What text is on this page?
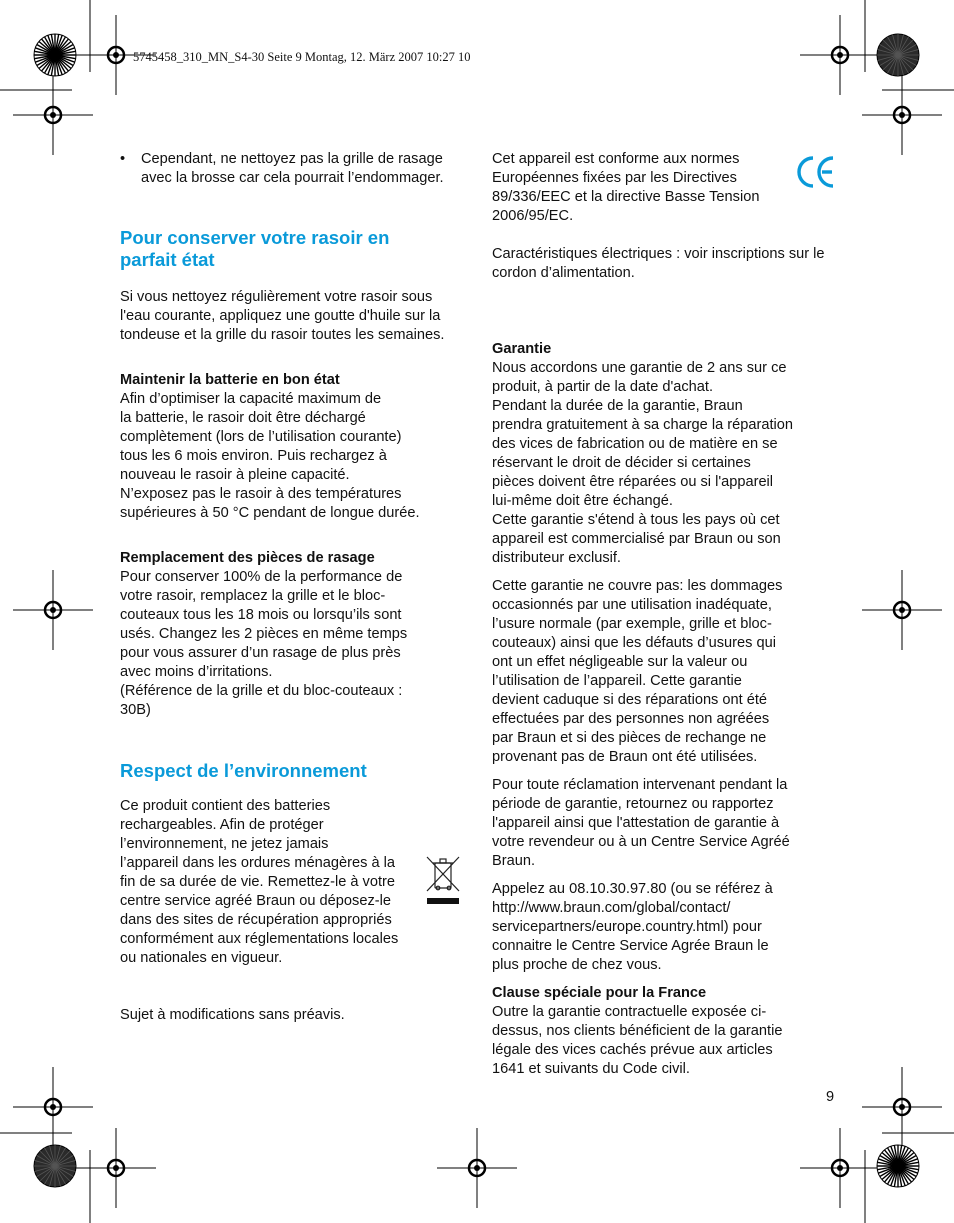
5745458_310_MN_S4-30 Seite 9 Montag, 12. März 2007 10:27 10
•	Cependant, ne nettoyez pas la grille de rasage avec la brosse car cela pourrait l’endommager.

Pour conserver votre rasoir en
parfait état

Si vous nettoyez régulièrement votre rasoir sous l'eau courante, appliquez une goutte d'huile sur la tondeuse et la grille du rasoir toutes les semaines.

Maintenir la batterie en bon état

Afin d’optimiser la capacité maximum de
la batterie, le rasoir doit être déchargé
complètement (lors de l’utilisation courante)
tous les 6 mois environ. Puis rechargez à
nouveau le rasoir à pleine capacité.
N’exposez pas le rasoir à des températures
supérieures à 50 °C pendant de longue durée.

Remplacement des pièces de rasage

Pour conserver 100% de la performance de
votre rasoir, remplacez la grille et le bloc-
couteaux tous les 18 mois ou lorsqu’ils sont
usés. Changez les 2 pièces en même temps
pour vous assurer d’un rasage de plus près
avec moins d’irritations.
(Référence de la grille et du bloc-couteaux :
30B)

Respect de l’environnement

Ce produit contient des batteries
rechargeables. Afin de protéger
l’environnement, ne jetez jamais
l’appareil dans les ordures ménagères à la
fin de sa durée de vie. Remettez-le à votre
centre service agréé Braun ou déposez-le
dans des sites de récupération appropriés
conformément aux réglementations locales
ou nationales en vigueur.

Sujet à modifications sans préavis.

Cet appareil est conforme aux normes
Européennes fixées par les Directives
89/336/EEC et la directive Basse Tension
2006/95/EC.

Caractéristiques électriques : voir inscriptions sur le cordon d’alimentation.

Garantie

Nous accordons une garantie de 2 ans sur ce
produit, à partir de la date d'achat.
Pendant la durée de la garantie, Braun
prendra gratuitement à sa charge la réparation
des vices de fabrication ou de matière en se
réservant le droit de décider si certaines
pièces doivent être réparées ou si l'appareil
lui-même doit être échangé.
Cette garantie s'étend à tous les pays où cet
appareil est commercialisé par Braun ou son
distributeur exclusif.
Cette garantie ne couvre pas: les dommages
occasionnés par une utilisation inadéquate,
l’usure normale (par exemple, grille et bloc-
couteaux) ainsi que les défauts d’usures qui
ont un effet négligeable sur la valeur ou
l’utilisation de l’appareil. Cette garantie
devient caduque si des réparations ont été
effectuées par des personnes non agréées
par Braun et si des pièces de rechange ne
provenant pas de Braun ont été utilisées.
Pour toute réclamation intervenant pendant la
période de garantie, retournez ou rapportez
l'appareil ainsi que l'attestation de garantie à
votre revendeur ou à un Centre Service Agréé
Braun.
Appelez au 08.10.30.97.80 (ou se référez à
http://www.braun.com/global/contact/
servicepartners/europe.country.html) pour
connaitre le Centre Service Agrée Braun le
plus proche de chez vous.

Clause spéciale pour la France

Outre la garantie contractuelle exposée ci-
dessus, nos clients bénéficient de la garantie
légale des vices cachés prévue aux articles
1641 et suivants du Code civil.
9
